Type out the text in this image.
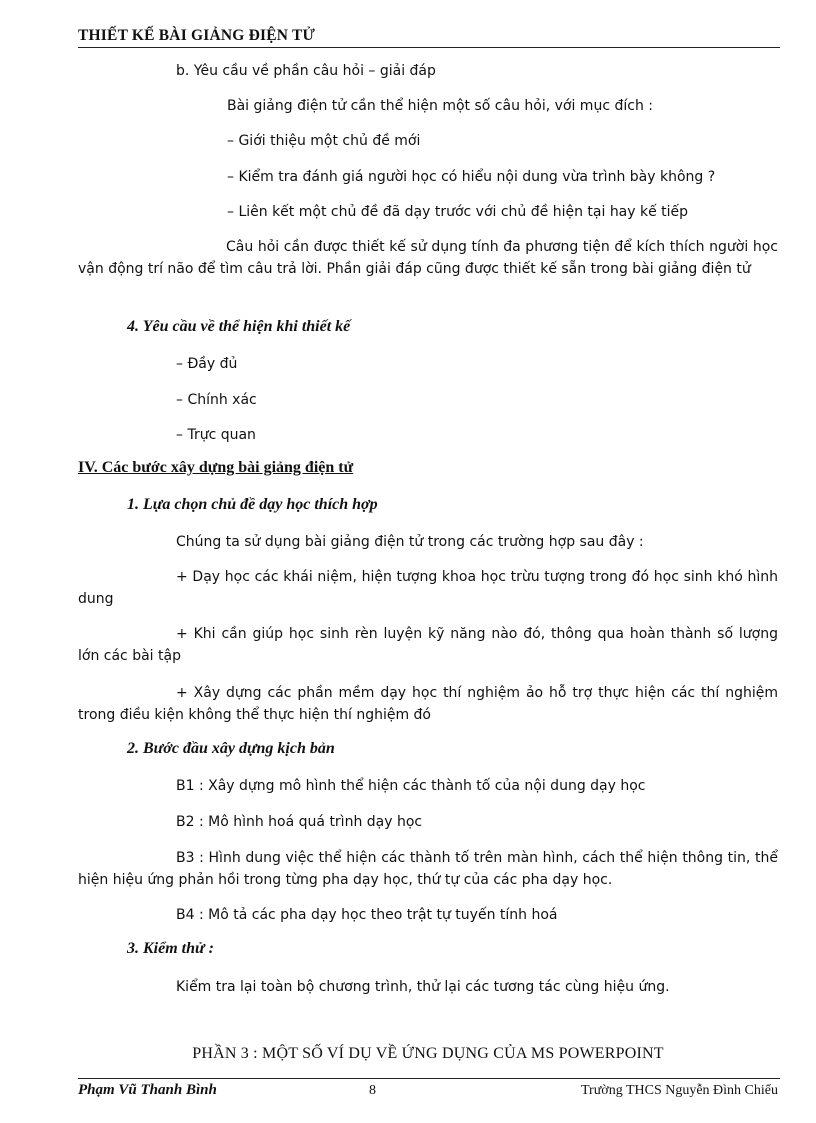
THIẾT KẾ BÀI GIẢNG ĐIỆN TỬ
b. Yêu cầu về phần câu hỏi – giải đáp
Bài giảng điện tử cần thể hiện một số câu hỏi, với mục đích :
– Giới thiệu một chủ đề mới
– Kiểm tra đánh giá người học có hiểu nội dung vừa trình bày không ?
– Liên kết một chủ đề đã dạy trước với chủ đề hiện tại hay kế tiếp
Câu hỏi cần được thiết kế sử dụng tính đa phương tiện để kích thích người học vận động trí não để tìm câu trả lời. Phần giải đáp cũng được thiết kế sẵn trong bài giảng điện tử
4. Yêu cầu về thể hiện khi thiết kế
– Đầy đủ
– Chính xác
– Trực quan
IV. Các bước xây dựng bài giảng điện tử
1. Lựa chọn chủ đề dạy học thích hợp
Chúng ta sử dụng bài giảng điện tử trong các trường hợp sau đây :
+ Dạy học các khái niệm, hiện tượng khoa học trừu tượng trong đó học sinh khó hình dung
+ Khi cần giúp học sinh rèn luyện kỹ năng nào đó, thông qua hoàn thành số lượng lớn các bài tập
+ Xây dựng các phần mềm dạy học thí nghiệm ảo hỗ trợ thực hiện các thí nghiệm trong điều kiện không thể thực hiện thí nghiệm đó
2. Bước đầu xây dựng kịch bản
B1 : Xây dựng mô hình thể hiện các thành tố của nội dung dạy học
B2 : Mô hình hoá quá trình dạy học
B3 : Hình dung việc thể hiện các thành tố trên màn hình, cách thể hiện thông tin, thể hiện hiệu ứng phản hồi trong từng pha dạy học, thứ tự của các pha dạy học.
B4 : Mô tả các pha dạy học theo trật tự tuyến tính hoá
3. Kiểm thử :
Kiểm tra lại toàn bộ chương trình, thử lại các tương tác cùng hiệu ứng.
PHẦN 3 : MỘT SỐ VÍ DỤ VỀ ỨNG DỤNG CỦA MS POWERPOINT
Phạm Vũ Thanh Bình	8	Trường THCS Nguyễn Đình Chiểu
